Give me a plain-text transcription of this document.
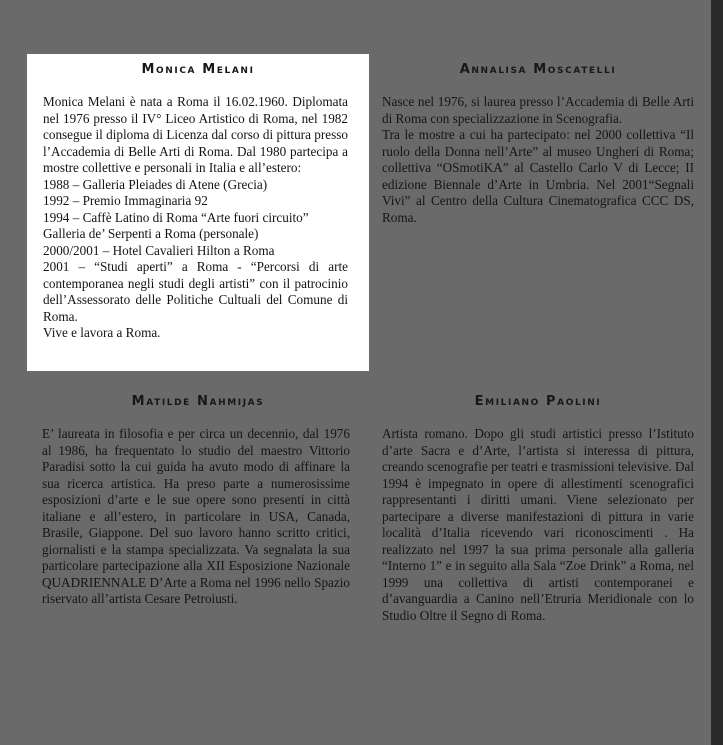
Monica Melani

Monica Melani è nata a Roma il 16.02.1960. Diplomata nel 1976 presso il IV° Liceo Artistico di Roma, nel 1982 consegue il diploma di Licenza dal corso di pittura presso l’Accademia di Belle Arti di Roma. Dal 1980 partecipa a mostre collettive e personali in Italia e all’estero:

1988 – Galleria Pleiades di Atene (Grecia)

1992 – Premio Immaginaria 92

1994 – Caffè Latino di Roma “Arte fuori circuito”

Galleria de’ Serpenti a Roma (personale)

2000/2001 – Hotel Cavalieri Hilton a Roma

2001 – “Studi aperti” a Roma - “Percorsi di arte contemporanea negli studi degli artisti” con il patrocinio dell’Assessorato delle Politiche Cultuali del Comune di Roma.

Vive e lavora a Roma.

Annalisa Moscatelli

Nasce nel 1976, si laurea presso l’Accademia di Belle Arti di Roma con specializzazione in Scenografia.

Tra le mostre a cui ha partecipato: nel 2000 collettiva “Il ruolo della Donna nell’Arte” al museo Ungheri di Roma; collettiva “OSmotiKA” al Castello Carlo V di Lecce; II edizione Biennale d’Arte in Umbria. Nel 2001“Segnali Vivi” al Centro della Cultura Cinematografica CCC DS, Roma.

Matilde Nahmijas

E’ laureata in filosofia e per circa un decennio, dal 1976 al 1986, ha frequentato lo studio del maestro Vittorio Paradisi sotto la cui guida ha avuto modo di affinare la sua ricerca artistica. Ha preso parte a numerosissime esposizioni d’arte e le sue opere sono presenti in città italiane e all’estero, in particolare in USA, Canada, Brasile, Giappone. Del suo lavoro hanno scritto critici, giornalisti e la stampa specializzata. Va segnalata la sua particolare partecipazione alla XII Esposizione Nazionale QUADRIENNALE D’Arte a Roma nel 1996 nello Spazio riservato all’artista Cesare Petroiusti.

Emiliano Paolini

Artista romano. Dopo gli studi artistici presso l’Istituto d’arte Sacra e d’Arte, l’artista si interessa di pittura, creando scenografie per teatri e trasmissioni televisive. Dal 1994 è impegnato in opere di allestimenti scenografici rappresentanti i diritti umani. Viene selezionato per partecipare a diverse manifestazioni di pittura in varie località d’Italia ricevendo vari riconoscimenti . Ha realizzato nel 1997 la sua prima personale alla galleria “Interno 1” e in seguito alla Sala “Zoe Drink” a Roma, nel 1999 una collettiva di artisti contemporanei e d’avanguardia a Canino nell’Etruria Meridionale con lo Studio Oltre il Segno di Roma.
